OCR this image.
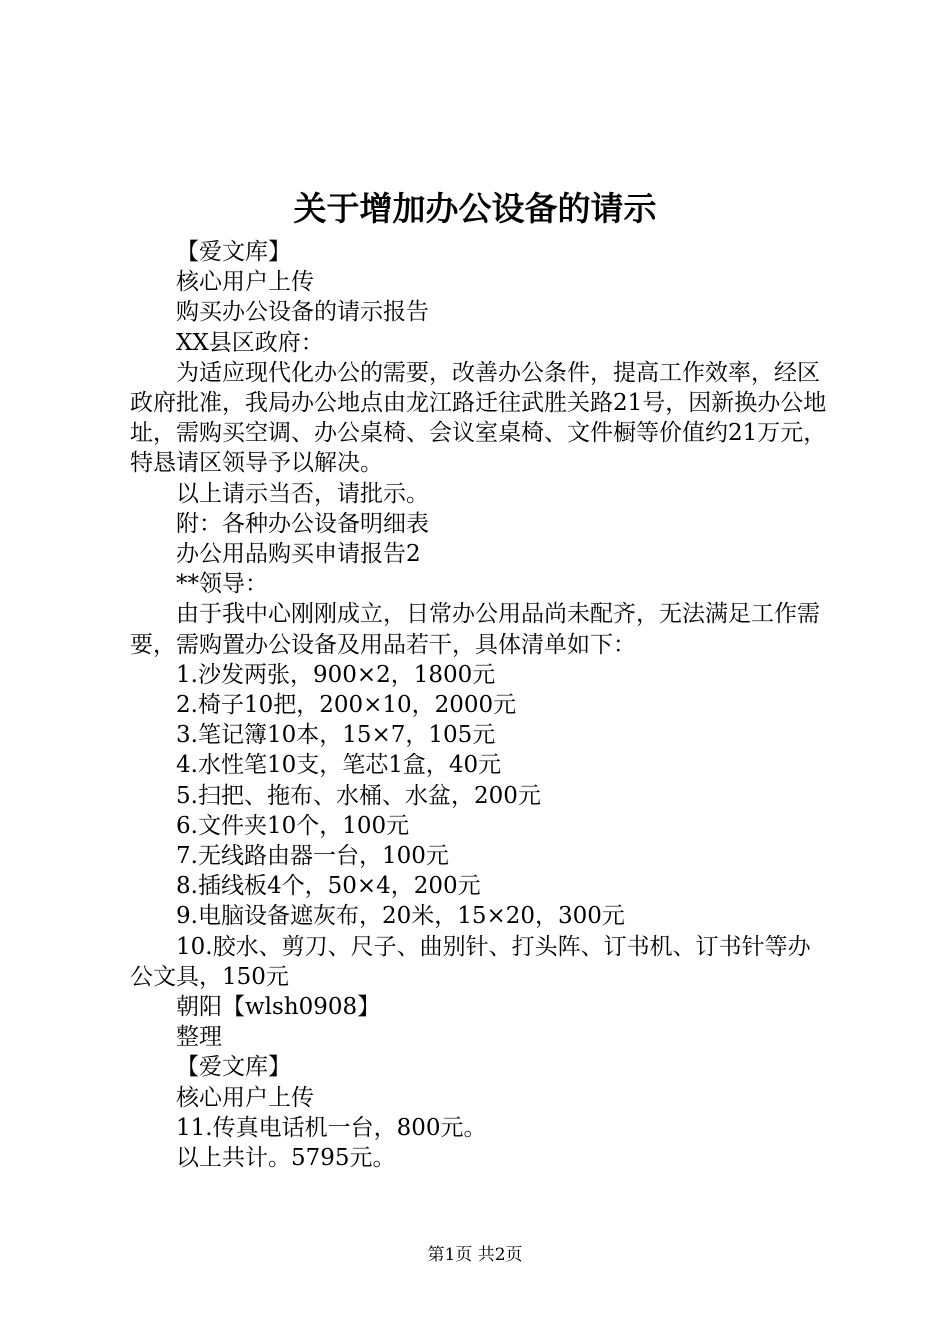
关于增加办公设备的请示

【爱文库】

核心用户上传

购买办公设备的请示报告

XX县区政府：

为适应现代化办公的需要，改善办公条件，提高工作效率，经区政府批准，我局办公地点由龙江路迁往武胜关路21号，因新换办公地址，需购买空调、办公桌椅、会议室桌椅、文件橱等价值约21万元，特恳请区领导予以解决。

以上请示当否，请批示。

附：各种办公设备明细表

办公用品购买申请报告2

**领导：

由于我中心刚刚成立，日常办公用品尚未配齐，无法满足工作需要，需购置办公设备及用品若干，具体清单如下：

1.沙发两张，900×2，1800元

2.椅子10把，200×10，2000元

3.笔记簿10本，15×7，105元

4.水性笔10支，笔芯1盒，40元

5.扫把、拖布、水桶、水盆，200元

6.文件夹10个，100元

7.无线路由器一台，100元

8.插线板4个，50×4，200元

9.电脑设备遮灰布，20米，15×20，300元

10.胶水、剪刀、尺子、曲别针、打头阵、订书机、订书针等办公文具，150元

朝阳【wlsh0908】

整理

【爱文库】

核心用户上传

11.传真电话机一台，800元。

以上共计。5795元。

第1页 共2页
